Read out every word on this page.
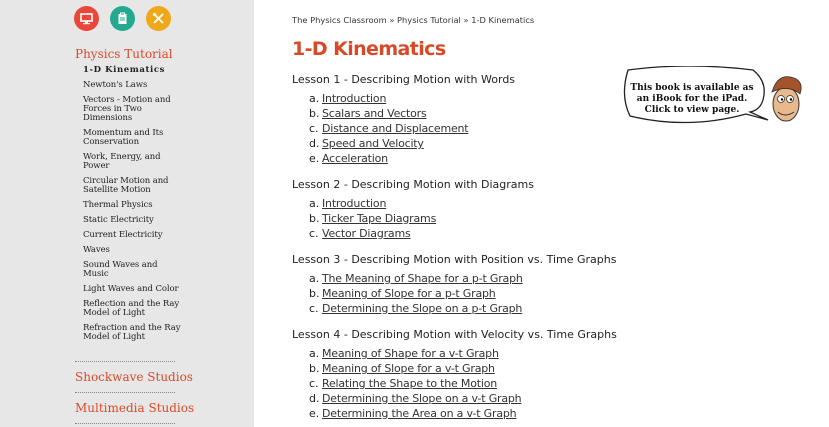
Physics Tutorial
1-D Kinematics
Newton's Laws
Vectors - Motion and Forces in Two Dimensions
Momentum and Its Conservation
Work, Energy, and Power
Circular Motion and Satellite Motion
Thermal Physics
Static Electricity
Current Electricity
Waves
Sound Waves and Music
Light Waves and Color
Reflection and the Ray Model of Light
Refraction and the Ray Model of Light
Shockwave Studios
Multimedia Studios
The Physics Classroom » Physics Tutorial » 1-D Kinematics
1-D Kinematics
This book is available as an iBook for the iPad. Click to view page.
Lesson 1 - Describing Motion with Words
a. Introduction
b. Scalars and Vectors
c. Distance and Displacement
d. Speed and Velocity
e. Acceleration
Lesson 2 - Describing Motion with Diagrams
a. Introduction
b. Ticker Tape Diagrams
c. Vector Diagrams
Lesson 3 - Describing Motion with Position vs. Time Graphs
a. The Meaning of Shape for a p-t Graph
b. Meaning of Slope for a p-t Graph
c. Determining the Slope on a p-t Graph
Lesson 4 - Describing Motion with Velocity vs. Time Graphs
a. Meaning of Shape for a v-t Graph
b. Meaning of Slope for a v-t Graph
c. Relating the Shape to the Motion
d. Determining the Slope on a v-t Graph
e. Determining the Area on a v-t Graph
